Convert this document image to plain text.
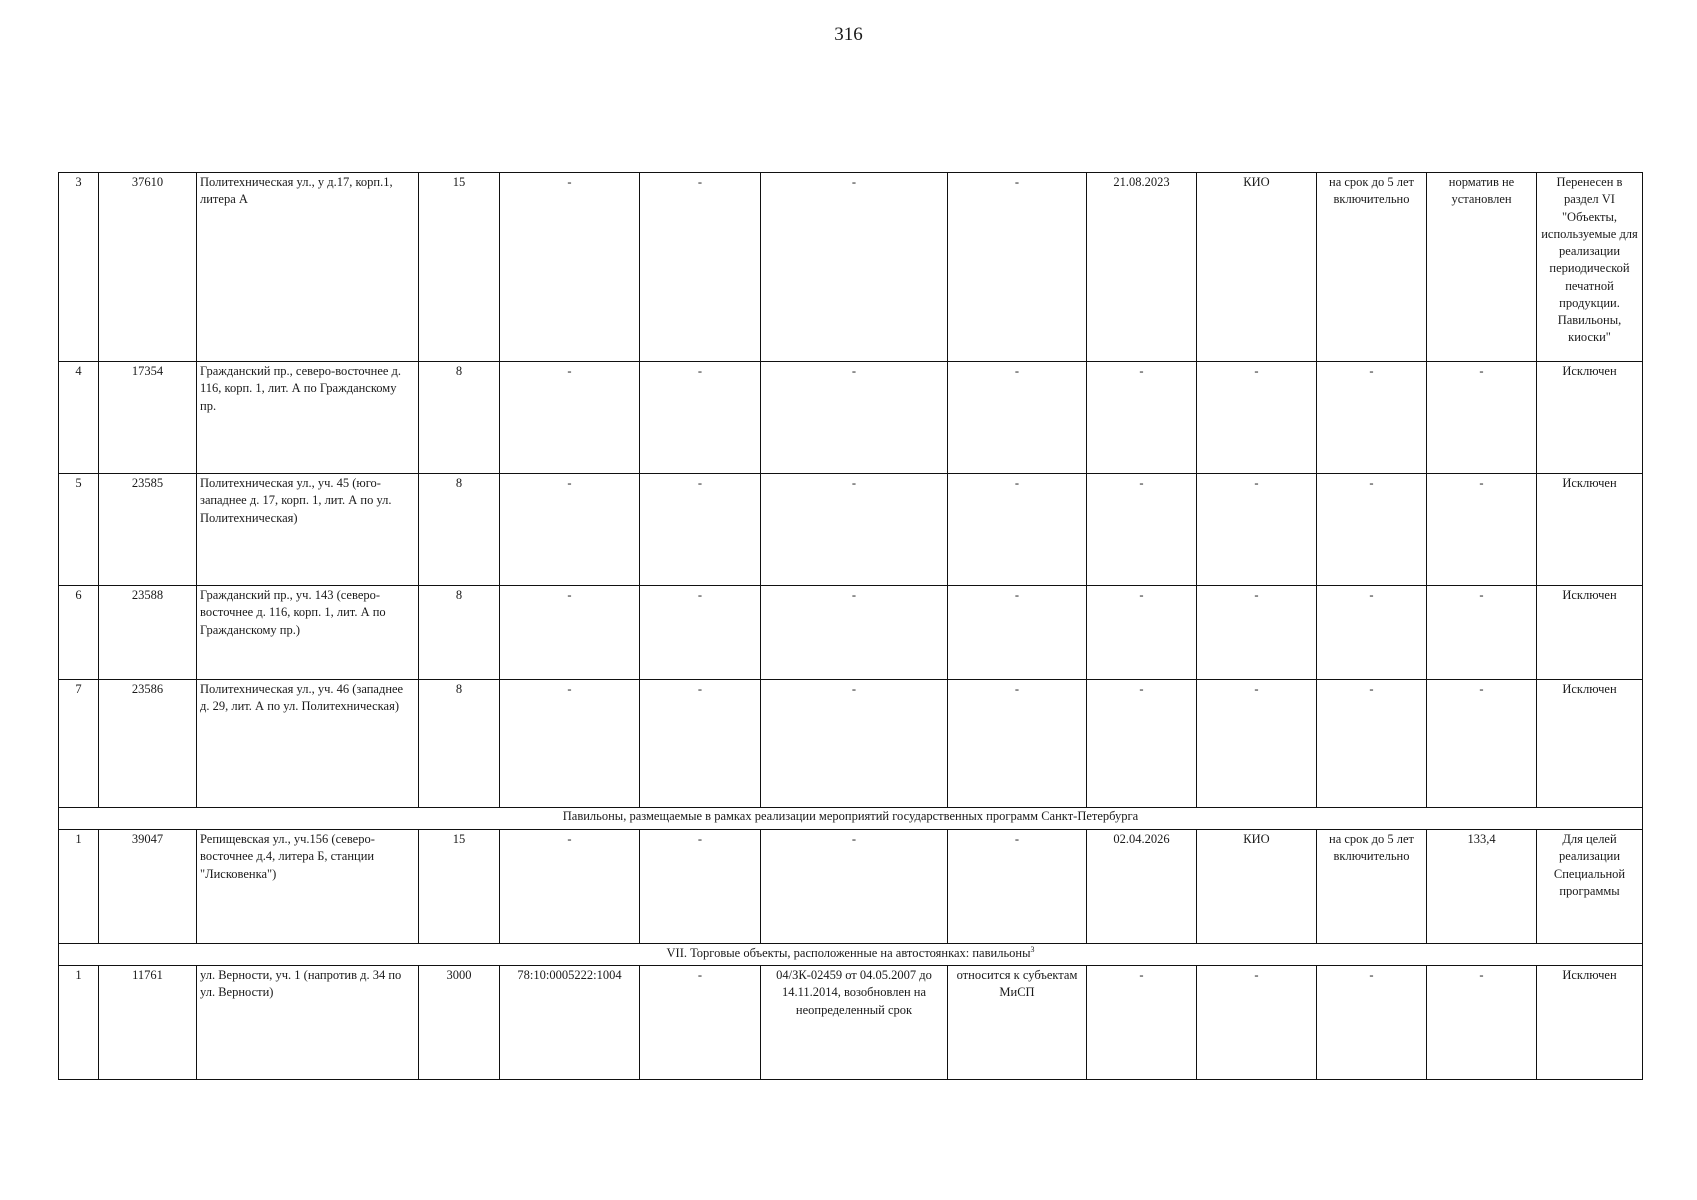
316
3	37610	Политехническая ул., у д.17, корп.1, литера А	15	-	-	-	-	21.08.2023	КИО	на срок до 5 лет включительно	норматив не установлен	Перенесен в раздел VI "Объекты, используемые для реализации периодической печатной продукции. Павильоны, киоски"
4	17354	Гражданский пр., северо-восточнее д. 116, корп. 1, лит. А по Гражданскому пр.	8	-	-	-	-	-	-	-	-	Исключен
5	23585	Политехническая ул., уч. 45 (юго-западнее д. 17, корп. 1, лит. А по ул. Политехническая)	8	-	-	-	-	-	-	-	-	Исключен
6	23588	Гражданский пр., уч. 143 (северо-восточнее д. 116, корп. 1, лит. А по Гражданскому пр.)	8	-	-	-	-	-	-	-	-	Исключен
7	23586	Политехническая ул., уч. 46 (западнее д. 29, лит. А по ул. Политехническая)	8	-	-	-	-	-	-	-	-	Исключен
Павильоны, размещаемые в рамках реализации мероприятий государственных программ Санкт-Петербурга												
1	39047	Репищевская ул., уч.156 (северо-восточнее д.4, литера Б, станции "Лисковенка")	15	-	-	-	-	02.04.2026	КИО	на срок до 5 лет включительно	133,4	Для целей реализации Специальной программы
VII. Торговые объекты, расположенные на автостоянках: павильоны$^3$
1	11761	ул. Верности, уч. 1 (напротив д. 34 по ул. Верности)	3000	78:10:0005222:1004	-	04/ЗК-02459 от 04.05.2007 до 14.11.2014, возобновлен на неопределенный срок	относится к субъектам МиСП	-	-	-	-	Исключен
